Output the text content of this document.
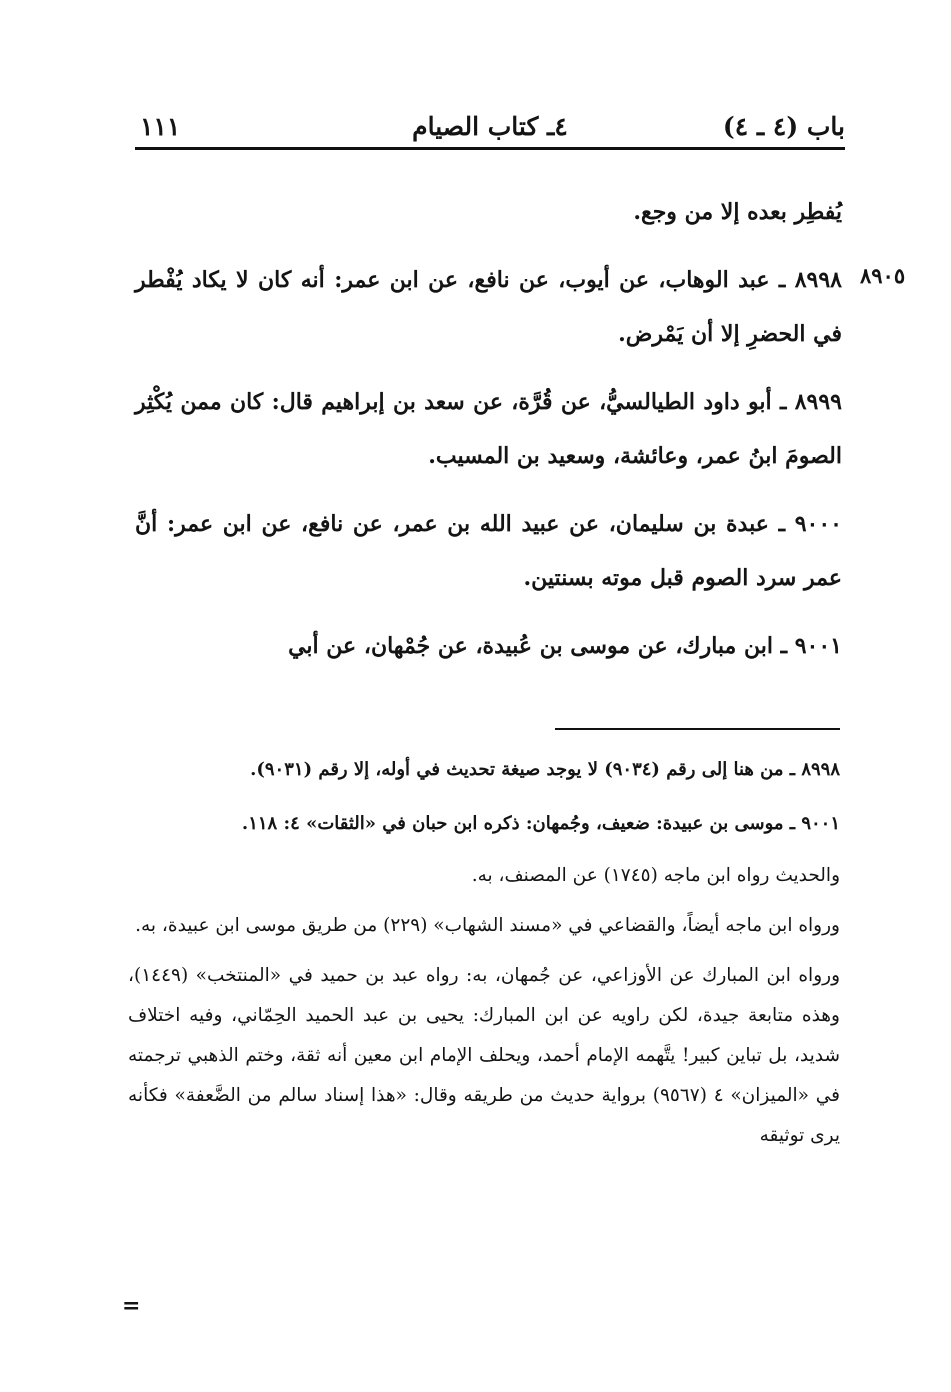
باب (٤ ـ ٤)
٤ـ كتاب الصيام
١١١
٨٩٠٥

يُفطِر بعده إلا من وجع.

٨٩٩٨ ـ عبد الوهاب، عن أيوب، عن نافع، عن ابن عمر: أنه كان لا يكاد يُفْطر في الحضرِ إلا أن يَمْرض.

٨٩٩٩ ـ أبو داود الطيالسيُّ، عن قُرَّة، عن سعد بن إبراهيم قال: كان ممن يُكْثِر الصومَ ابنُ عمر، وعائشة، وسعيد بن المسيب.

٩٠٠٠ ـ عبدة بن سليمان، عن عبيد الله بن عمر، عن نافع، عن ابن عمر: أنَّ عمر سرد الصوم قبل موته بسنتين.

٩٠٠١ ـ ابن مبارك، عن موسى بن عُبيدة، عن جُمْهان، عن أبي

٨٩٩٨ ـ من هنا إلى رقم (٩٠٣٤) لا يوجد صيغة تحديث في أوله، إلا رقم (٩٠٣١).

٩٠٠١ ـ موسى بن عبيدة: ضعيف، وجُمهان: ذكره ابن حبان في «الثقات» ٤: ١١٨.

والحديث رواه ابن ماجه (١٧٤٥) عن المصنف، به.

ورواه ابن ماجه أيضاً، والقضاعي في «مسند الشهاب» (٢٢٩) من طريق موسى ابن عبيدة، به.

ورواه ابن المبارك عن الأوزاعي، عن جُمهان، به: رواه عبد بن حميد في «المنتخب» (١٤٤٩)، وهذه متابعة جيدة، لكن راويه عن ابن المبارك: يحيى بن عبد الحميد الحِمّاني، وفيه اختلاف شديد، بل تباين كبير! يتَّهمه الإمام أحمد، ويحلف الإمام ابن معين أنه ثقة، وختم الذهبي ترجمته في «الميزان» ٤ (٩٥٦٧) برواية حديث من طريقه وقال: «هذا إسناد سالم من الضَّعفة» فكأنه يرى توثيقه

=
